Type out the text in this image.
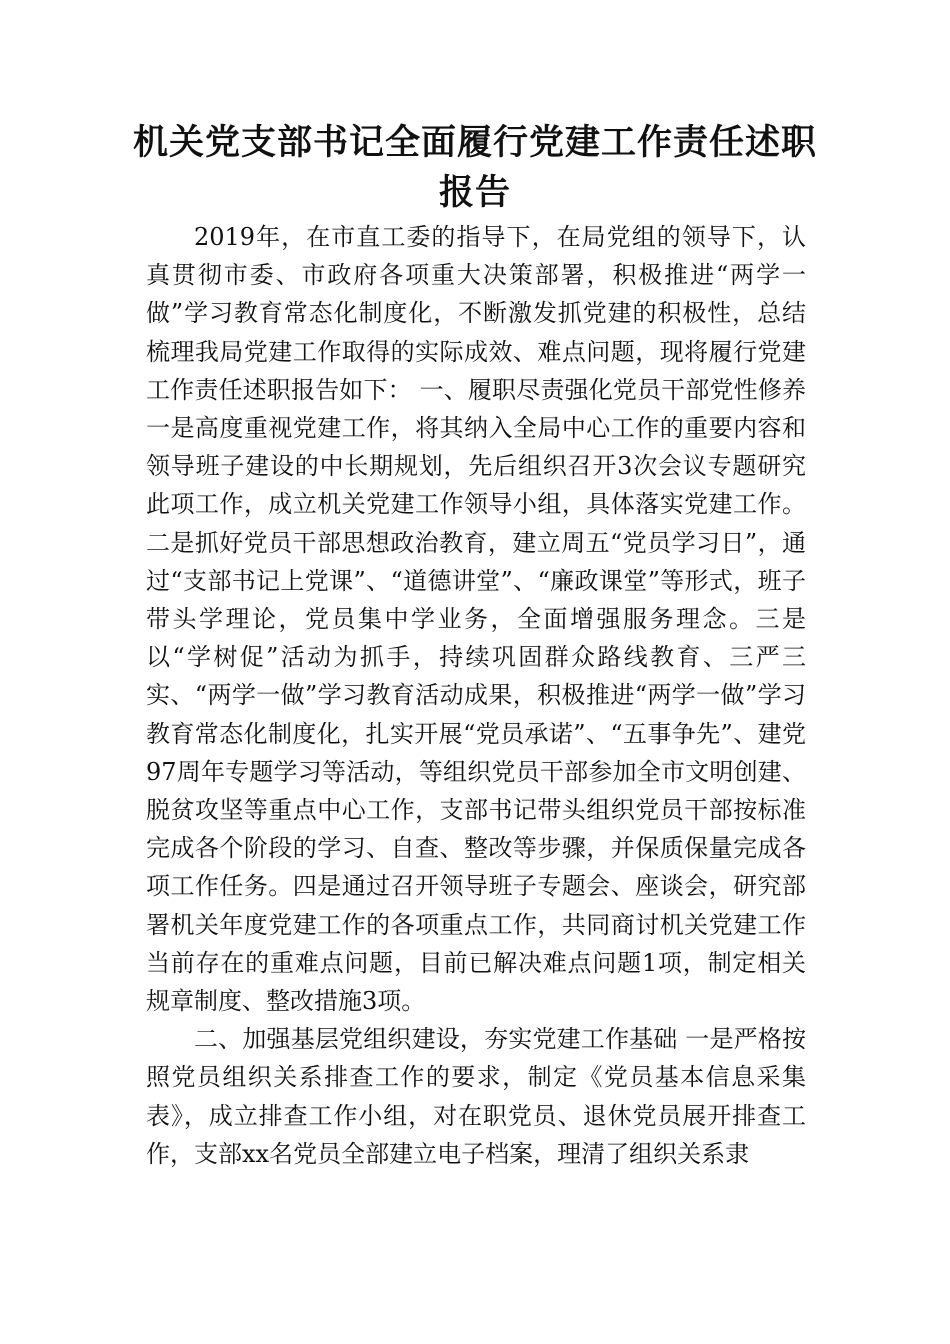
机关党支部书记全面履行党建工作责任述职
报告

2019年，在市直工委的指导下，在局党组的领导下，认真贯彻市委、市政府各项重大决策部署，积极推进“两学一做”学习教育常态化制度化，不断激发抓党建的积极性，总结梳理我局党建工作取得的实际成效、难点问题，现将履行党建工作责任述职报告如下： 一、履职尽责强化党员干部党性修养 一是高度重视党建工作，将其纳入全局中心工作的重要内容和领导班子建设的中长期规划，先后组织召开3次会议专题研究此项工作，成立机关党建工作领导小组，具体落实党建工作。二是抓好党员干部思想政治教育，建立周五“党员学习日”，通过“支部书记上党课”、“道德讲堂”、“廉政课堂”等形式，班子带头学理论，党员集中学业务，全面增强服务理念。三是以“学树促”活动为抓手，持续巩固群众路线教育、三严三实、“两学一做”学习教育活动成果，积极推进“两学一做”学习教育常态化制度化，扎实开展“党员承诺”、“五事争先”、建党97周年专题学习等活动，等组织党员干部参加全市文明创建、脱贫攻坚等重点中心工作，支部书记带头组织党员干部按标准完成各个阶段的学习、自查、整改等步骤，并保质保量完成各项工作任务。四是通过召开领导班子专题会、座谈会，研究部署机关年度党建工作的各项重点工作，共同商讨机关党建工作当前存在的重难点问题，目前已解决难点问题1项，制定相关规章制度、整改措施3项。

二、加强基层党组织建设，夯实党建工作基础 一是严格按照党员组织关系排查工作的要求，制定《党员基本信息采集表》，成立排查工作小组，对在职党员、退休党员展开排查工作，支部xx名党员全部建立电子档案，理清了组织关系隶
